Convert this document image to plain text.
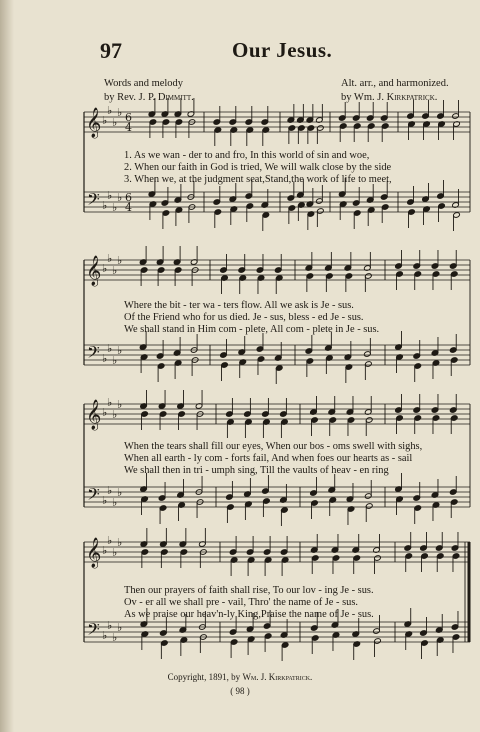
97	Our Jesus.
Words and melody
by Rev. J. P. Dimmitt.
Alt. arr., and harmonized.
by Wm. J. Kirkpatrick.
𝄞
𝄢
♭
♭
♭
♭
♭
♭
♭
♭
6
4
6
4
𝄞
𝄢
♭
♭
♭
♭
♭
♭
♭
♭
𝄞
𝄢
♭
♭
♭
♭
♭
♭
♭
♭
𝄞
𝄢
♭
♭
♭
♭
♭
♭
♭
♭
1. As we wan - der to and fro, In this world of sin and woe,
2. When our faith in God is tried, We will walk close by the side
3. When we, at the judgment seat,Stand,the work of life to meet,
Where the bit - ter wa - ters flow. All we ask is Je - sus.
Of the Friend who for us died. Je - sus, bless - ed Je - sus.
We shall stand in Him com - plete, All com - plete in Je - sus.
When the tears shall fill our eyes, When our bos - oms swell with sighs,
When all earth - ly com - forts fail, And when foes our hearts as - sail
We shall then in tri - umph sing, Till the vaults of heav - en ring
Then our prayers of faith shall rise, To our lov - ing Je - sus.
Ov - er all we shall pre - vail, Thro' the name of Je - sus.
As we praise our heav'n-ly King,Praise the name of Je - sus.
Copyright, 1891, by Wm. J. Kirkpatrick.
( 98 )
